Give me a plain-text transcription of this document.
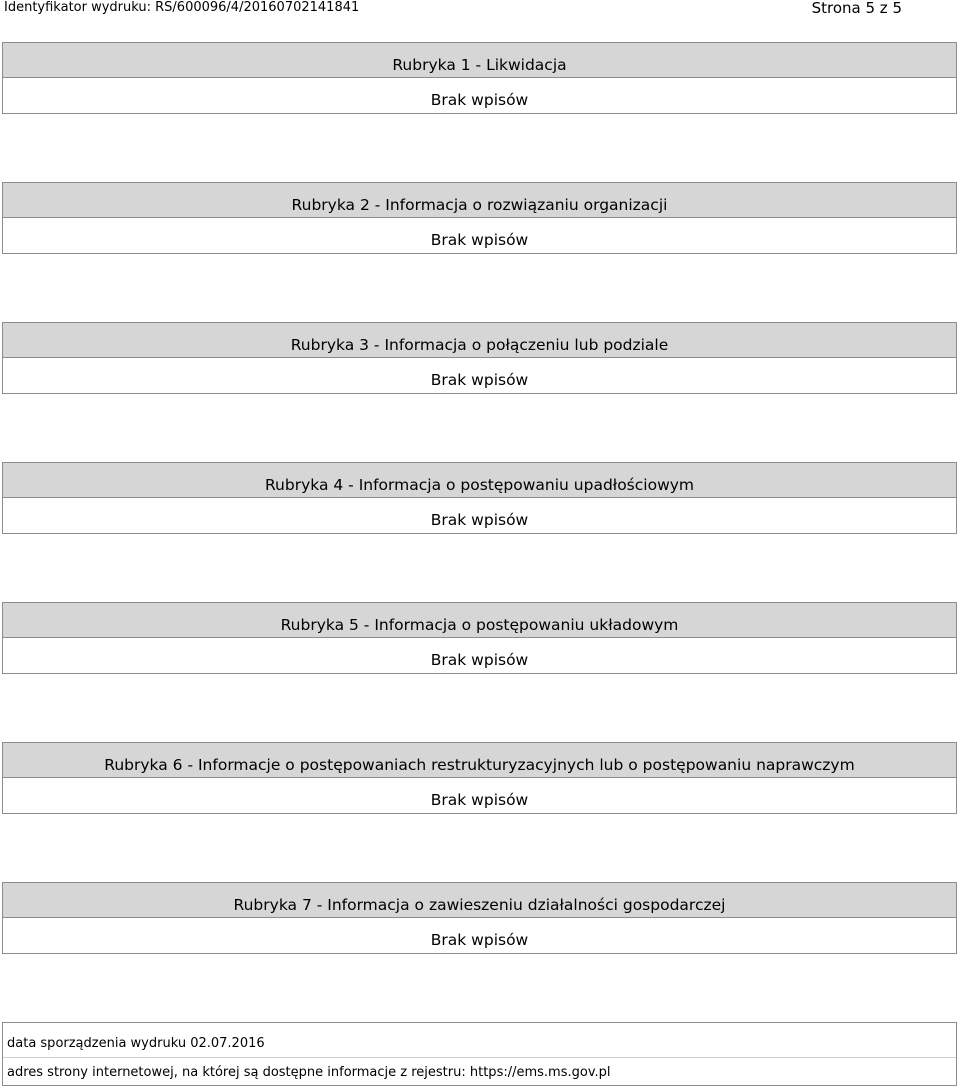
Identyfikator wydruku: RS/600096/4/20160702141841	Strona 5 z 5
Rubryka 1 - Likwidacja
Brak wpisów
Rubryka 2 - Informacja o rozwiązaniu organizacji
Brak wpisów
Rubryka 3 - Informacja o połączeniu lub podziale
Brak wpisów
Rubryka 4 - Informacja o postępowaniu upadłościowym
Brak wpisów
Rubryka 5 - Informacja o postępowaniu układowym
Brak wpisów
Rubryka 6 - Informacje o postępowaniach restrukturyzacyjnych lub o postępowaniu naprawczym
Brak wpisów
Rubryka 7 - Informacja o zawieszeniu działalności gospodarczej
Brak wpisów
data sporządzenia wydruku 02.07.2016
adres strony internetowej, na której są dostępne informacje z rejestru: https://ems.ms.gov.pl
